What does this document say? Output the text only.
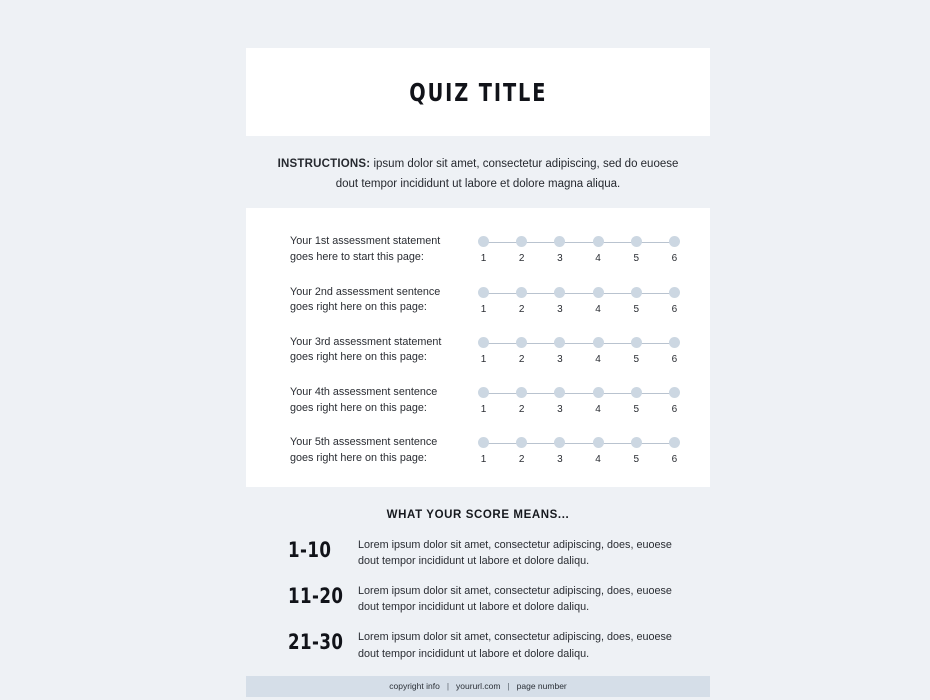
QUIZ TITLE
INSTRUCTIONS: ipsum dolor sit amet, consectetur adipiscing, sed do euoese dout tempor incididunt ut labore et dolore magna aliqua.
Your 1st assessment statement goes here to start this page:	1	2	3	4	5	6
Your 2nd assessment sentence goes right here on this page:	1	2	3	4	5	6
Your 3rd assessment statement goes right here on this page:	1	2	3	4	5	6
Your 4th assessment sentence goes right here on this page:	1	2	3	4	5	6
Your 5th assessment sentence goes right here on this page:	1	2	3	4	5	6
WHAT YOUR SCORE MEANS...
1-10	Lorem ipsum dolor sit amet, consectetur adipiscing, does, euoese dout tempor incididunt ut labore et dolore daliqu.
11-20	Lorem ipsum dolor sit amet, consectetur adipiscing, does, euoese dout tempor incididunt ut labore et dolore daliqu.
21-30	Lorem ipsum dolor sit amet, consectetur adipiscing, does, euoese dout tempor incididunt ut labore et dolore daliqu.
copyright info | yoururl.com | page number
